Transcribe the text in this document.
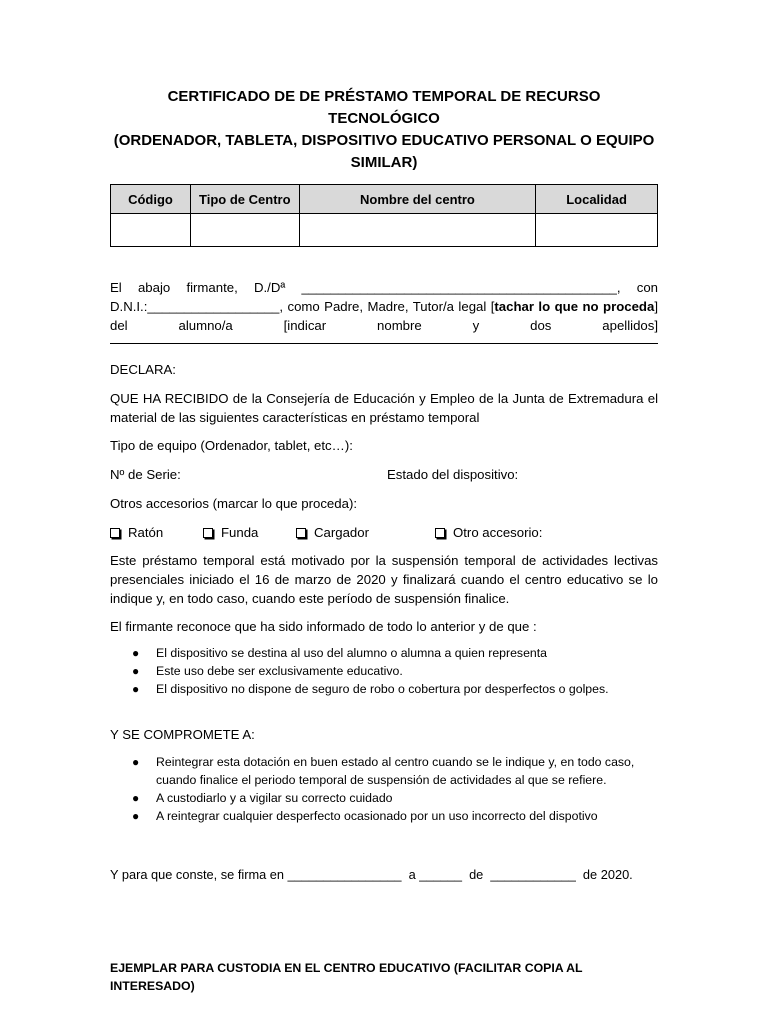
CERTIFICADO DE DE PRÉSTAMO TEMPORAL DE RECURSO TECNOLÓGICO
(ORDENADOR, TABLETA, DISPOSITIVO EDUCATIVO PERSONAL O EQUIPO
SIMILAR)
Código	Tipo de Centro	Nombre del centro	Localidad

El abajo firmante, D./Dª ___________________________________________, con

D.N.I.:__________________, como Padre, Madre, Tutor/a legal [tachar lo que no proceda]

del alumno/a [indicar nombre y dos apellidos]

DECLARA:

QUE HA RECIBIDO de la Consejería de Educación y Empleo de la Junta de Extremadura el material de las siguientes características en préstamo temporal

Tipo de equipo (Ordenador, tablet, etc…):

Nº de Serie:	Estado del dispositivo:

Otros accesorios (marcar lo que proceda):

Ratón	Funda	Cargador	Otro accesorio:

Este préstamo temporal está motivado por la suspensión temporal de actividades lectivas presenciales iniciado el 16 de marzo de 2020 y finalizará cuando el centro educativo se lo indique y, en todo caso, cuando este período de suspensión finalice.

El firmante reconoce que ha sido informado de todo lo anterior y de que :

● El dispositivo se destina al uso del alumno o alumna a quien representa
● Este uso debe ser exclusivamente educativo.
● El dispositivo no dispone de seguro de robo o cobertura por desperfectos o golpes.

Y SE COMPROMETE A:

● Reintegrar esta dotación en buen estado al centro cuando se le indique y, en todo caso, cuando finalice el periodo temporal de suspensión de actividades al que se refiere.
● A custodiarlo y a vigilar su correcto cuidado
● A reintegrar cualquier desperfecto ocasionado por un uso incorrecto del dispotivo

Y para que conste, se firma en ________________  a ______  de  ____________  de 2020.

EJEMPLAR PARA CUSTODIA EN EL CENTRO EDUCATIVO (FACILITAR COPIA AL INTERESADO)
